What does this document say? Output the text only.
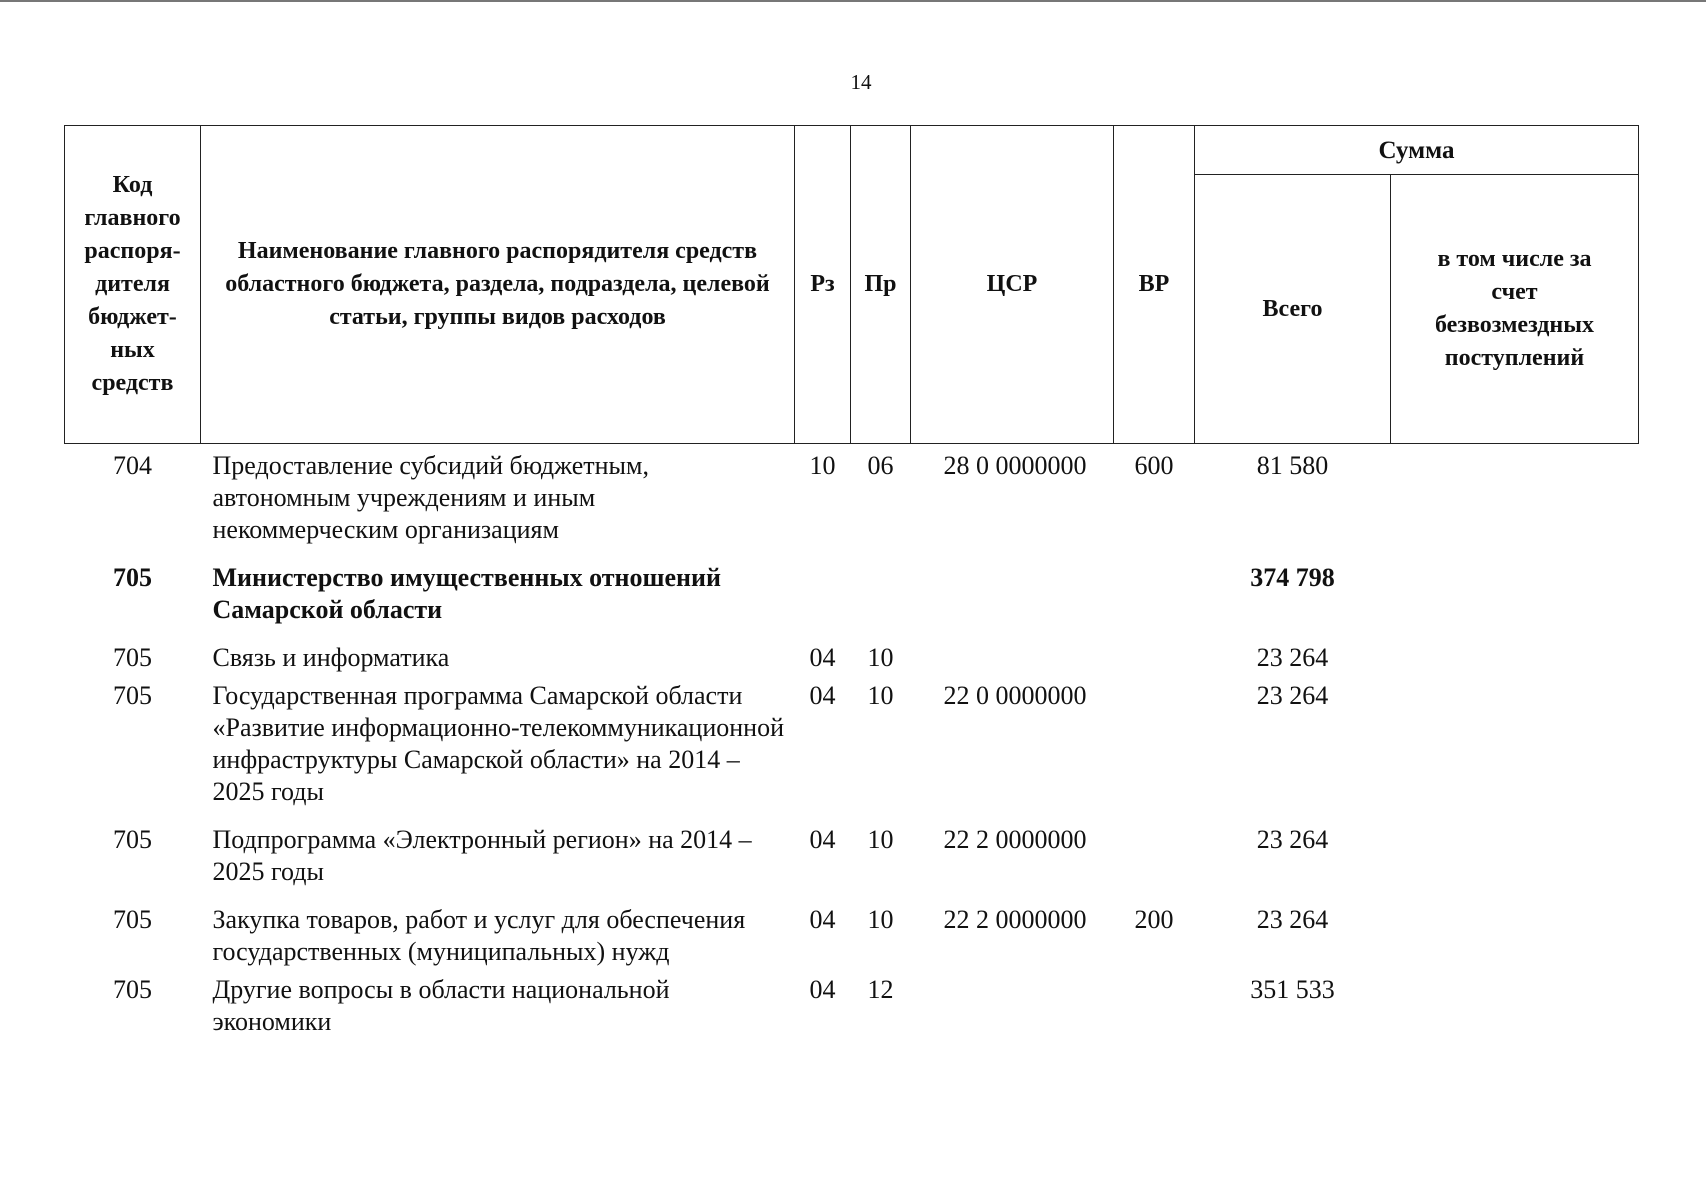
14
Код главного распоря-дителя бюджет-ных средств	Наименование главного распорядителя средств областного бюджета, раздела, подраздела, целевой статьи, группы видов расходов	Рз	Пр	ЦСР	ВР	Сумма	
						Всего	в том числе за счет безвозмездных поступлений
704	Предоставление субсидий бюджетным, автономным учреждениям и иным некоммерческим организациям	10	06	28 0 0000000	600	81 580	
705	Министерство имущественных отношений Самарской области					374 798	
705	Связь и информатика	04	10			23 264	
705	Государственная программа Самарской области «Развитие информационно-телекоммуникационной инфраструктуры Самарской области» на 2014 – 2025 годы	04	10	22 0 0000000		23 264	
705	Подпрограмма «Электронный регион» на 2014 – 2025 годы	04	10	22 2 0000000		23 264	
705	Закупка товаров, работ и услуг для обеспечения государственных (муниципальных) нужд	04	10	22 2 0000000	200	23 264	
705	Другие вопросы в области национальной экономики	04	12			351 533	
